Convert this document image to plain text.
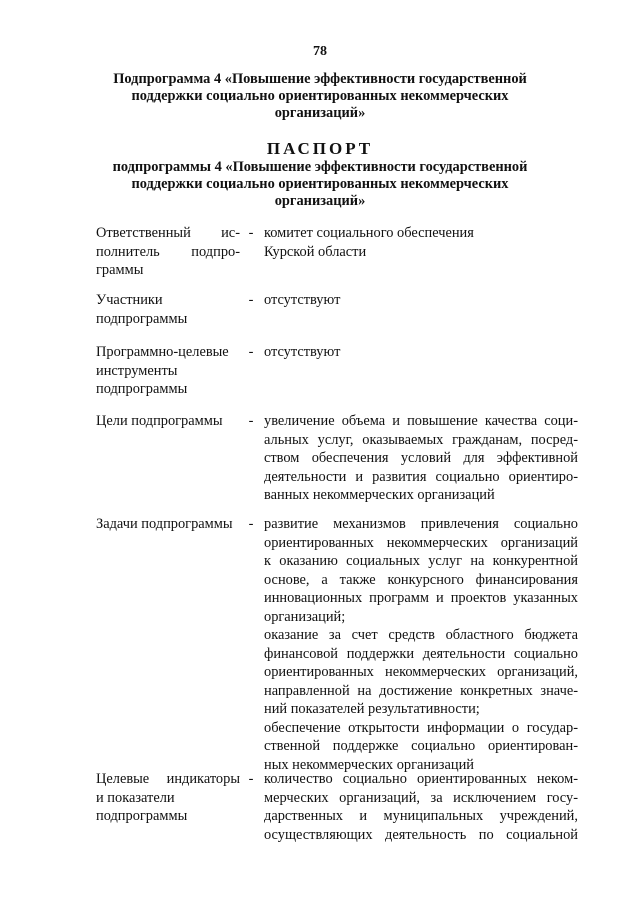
78
Подпрограмма 4 «Повышение эффективности государственной
поддержки социально ориентированных некоммерческих
организаций»
ПАСПОРТ
подпрограммы 4 «Повышение эффективности государственной
поддержки социально ориентированных некоммерческих
организаций»
Ответственный ис-
полнитель подпро-
граммы
- комитет социального обеспечения
Курской области
Участники
подпрограммы
- отсутствуют
Программно-целевые
инструменты
подпрограммы
- отсутствуют
Цели подпрограммы	- увеличение объема и повышение качества соци-
альных услуг, оказываемых гражданам, посред-
ством обеспечения условий для эффективной
деятельности и развития социально ориентиро-
ванных некоммерческих организаций
Задачи подпрограммы	- развитие механизмов привлечения социально
ориентированных некоммерческих организаций
к оказанию социальных услуг на конкурентной
основе, а также конкурсного финансирования
инновационных программ и проектов указанных
организаций;
оказание за счет средств областного бюджета
финансовой поддержки деятельности социально
ориентированных некоммерческих организаций,
направленной на достижение конкретных значе-
ний показателей результативности;
обеспечение открытости информации о государ-
ственной поддержке социально ориентирован-
ных некоммерческих организаций
Целевые индикаторы
и показатели
подпрограммы
- количество социально ориентированных неком-
мерческих организаций, за исключением госу-
дарственных и муниципальных учреждений,
осуществляющих деятельность по социальной
